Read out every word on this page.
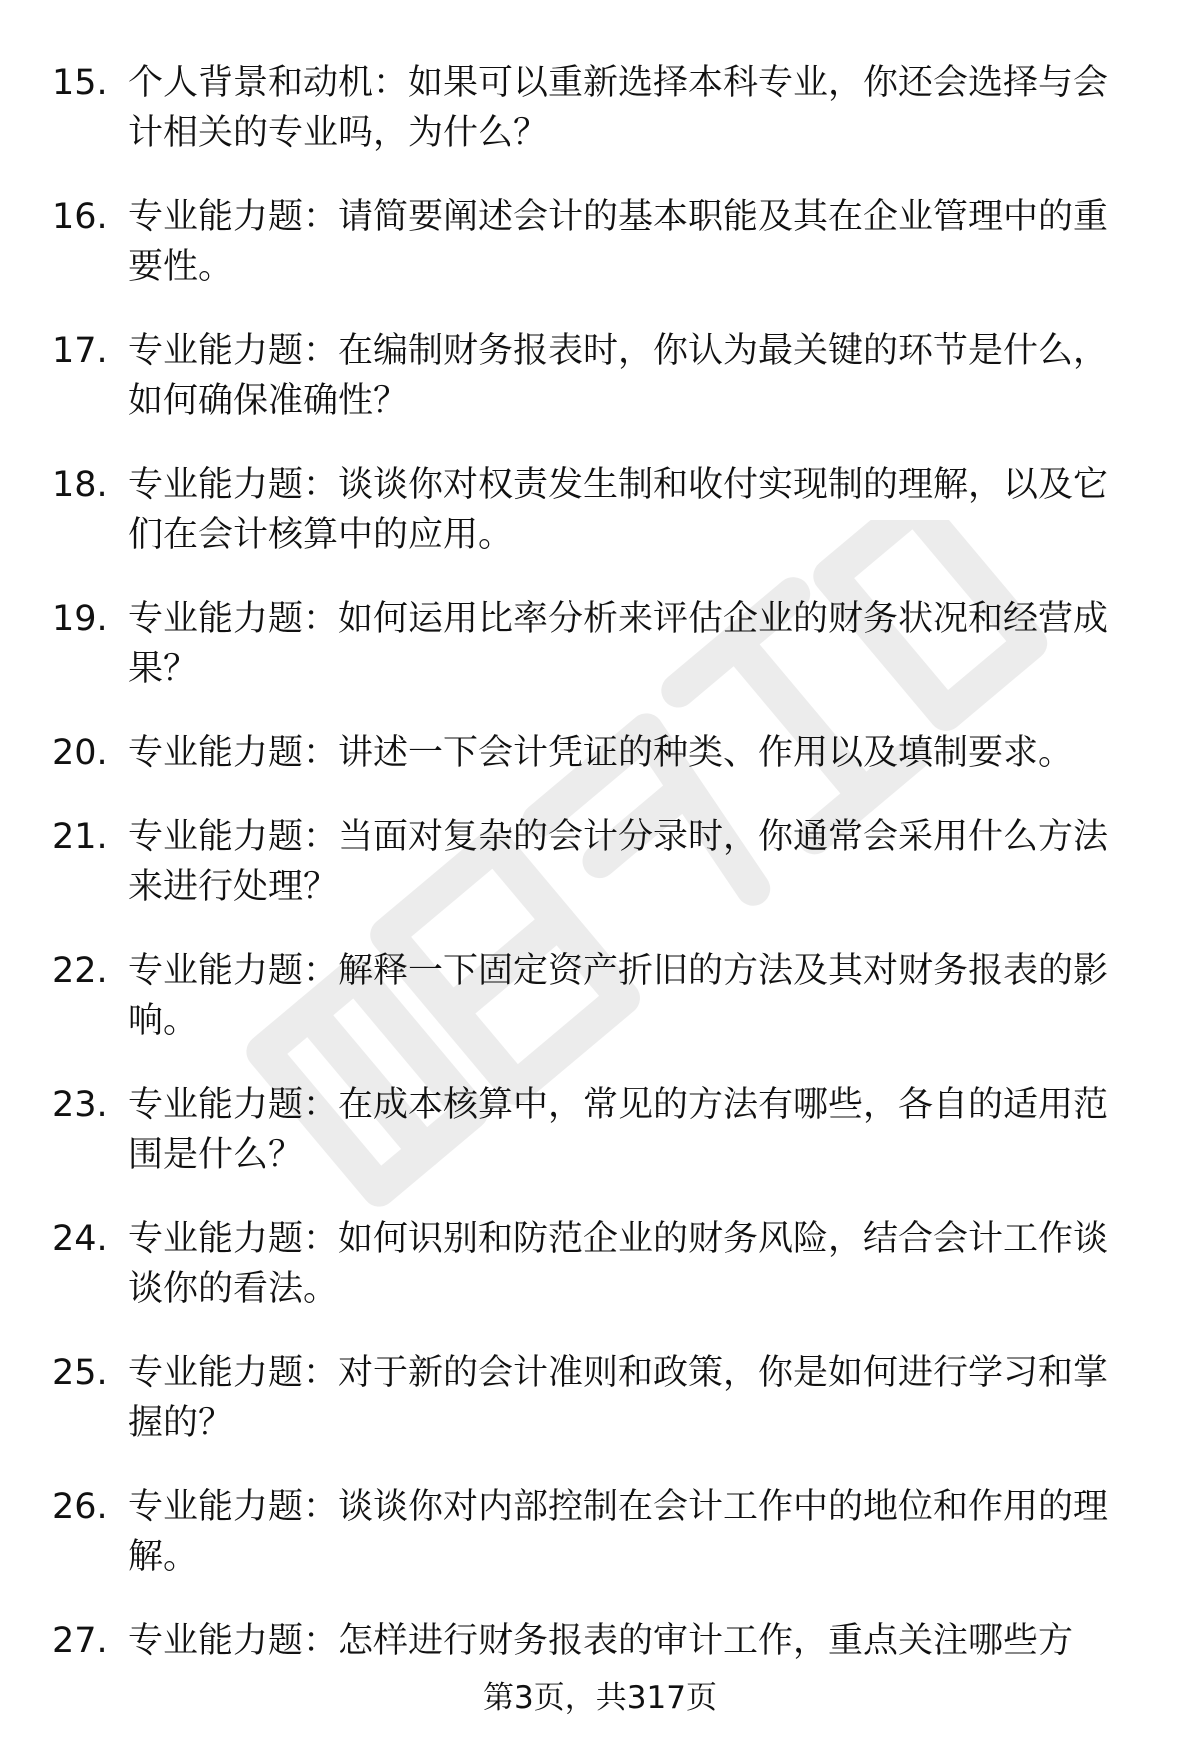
15. 个人背景和动机：如果可以重新选择本科专业，你还会选择与会计相关的专业吗，为什么？
16. 专业能力题：请简要阐述会计的基本职能及其在企业管理中的重要性。
17. 专业能力题：在编制财务报表时，你认为最关键的环节是什么，如何确保准确性？
18. 专业能力题：谈谈你对权责发生制和收付实现制的理解，以及它们在会计核算中的应用。
19. 专业能力题：如何运用比率分析来评估企业的财务状况和经营成果？
20. 专业能力题：讲述一下会计凭证的种类、作用以及填制要求。
21. 专业能力题：当面对复杂的会计分录时，你通常会采用什么方法来进行处理？
22. 专业能力题：解释一下固定资产折旧的方法及其对财务报表的影响。
23. 专业能力题：在成本核算中，常见的方法有哪些，各自的适用范围是什么？
24. 专业能力题：如何识别和防范企业的财务风险，结合会计工作谈谈你的看法。
25. 专业能力题：对于新的会计准则和政策，你是如何进行学习和掌握的？
26. 专业能力题：谈谈你对内部控制在会计工作中的地位和作用的理解。
27. 专业能力题：怎样进行财务报表的审计工作，重点关注哪些方
第3页，共317页
